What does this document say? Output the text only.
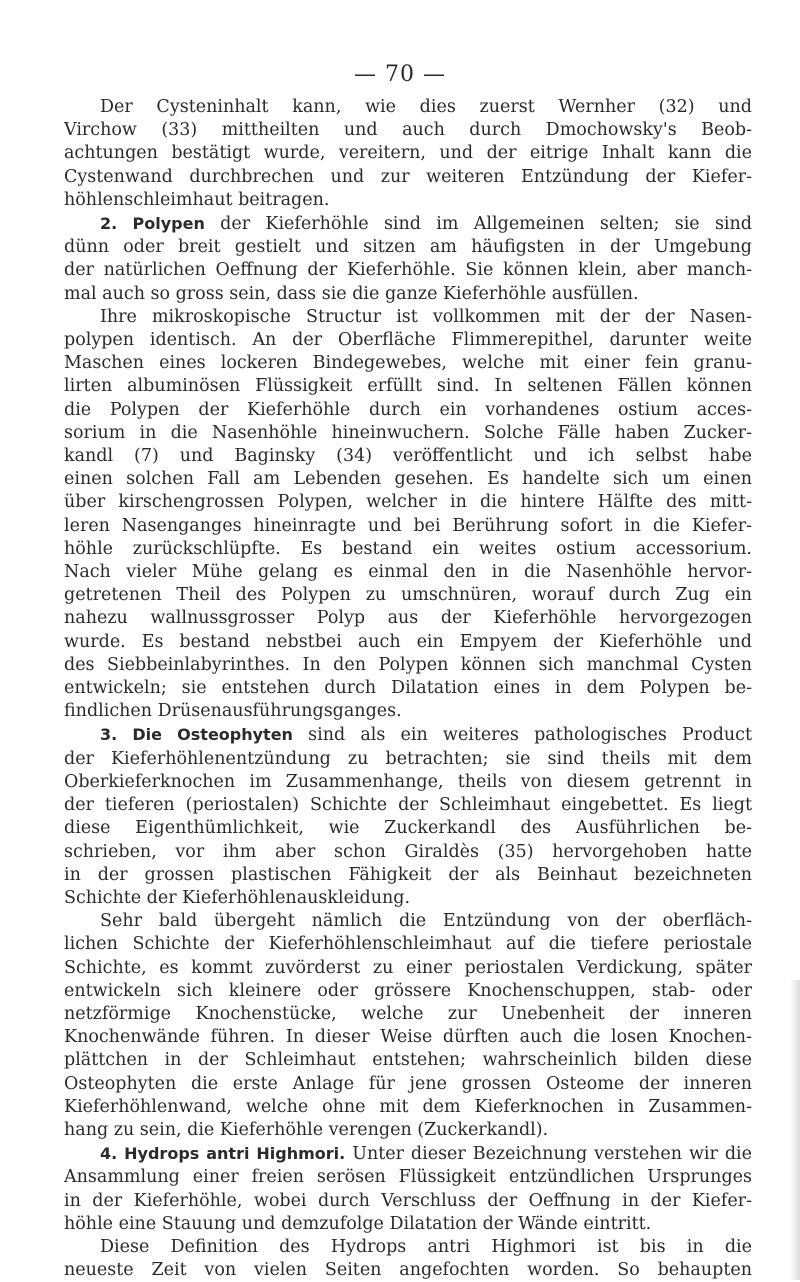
— 70 —
Der Cysteninhalt kann, wie dies zuerst Wernher (32) und
Virchow (33) mittheilten und auch durch Dmochowsky's Beob-
achtungen bestätigt wurde, vereitern, und der eitrige Inhalt kann die
Cystenwand durchbrechen und zur weiteren Entzündung der Kiefer-
höhlenschleimhaut beitragen.
2. Polypen der Kieferhöhle sind im Allgemeinen selten; sie sind
dünn oder breit gestielt und sitzen am häufigsten in der Umgebung
der natürlichen Oeffnung der Kieferhöhle. Sie können klein, aber manch-
mal auch so gross sein, dass sie die ganze Kieferhöhle ausfüllen.
Ihre mikroskopische Structur ist vollkommen mit der der Nasen-
polypen identisch. An der Oberfläche Flimmerepithel, darunter weite
Maschen eines lockeren Bindegewebes, welche mit einer fein granu-
lirten albuminösen Flüssigkeit erfüllt sind. In seltenen Fällen können
die Polypen der Kieferhöhle durch ein vorhandenes ostium acces-
sorium in die Nasenhöhle hineinwuchern. Solche Fälle haben Zucker-
kandl (7) und Baginsky (34) veröffentlicht und ich selbst habe
einen solchen Fall am Lebenden gesehen. Es handelte sich um einen
über kirschengrossen Polypen, welcher in die hintere Hälfte des mitt-
leren Nasenganges hineinragte und bei Berührung sofort in die Kiefer-
höhle zurückschlüpfte. Es bestand ein weites ostium accessorium.
Nach vieler Mühe gelang es einmal den in die Nasenhöhle hervor-
getretenen Theil des Polypen zu umschnüren, worauf durch Zug ein
nahezu wallnussgrosser Polyp aus der Kieferhöhle hervorgezogen
wurde. Es bestand nebstbei auch ein Empyem der Kieferhöhle und
des Siebbeinlabyrinthes. In den Polypen können sich manchmal Cysten
entwickeln; sie entstehen durch Dilatation eines in dem Polypen be-
findlichen Drüsenausführungsganges.
3. Die Osteophyten sind als ein weiteres pathologisches Product
der Kieferhöhlenentzündung zu betrachten; sie sind theils mit dem
Oberkieferknochen im Zusammenhange, theils von diesem getrennt in
der tieferen (periostalen) Schichte der Schleimhaut eingebettet. Es liegt
diese Eigenthümlichkeit, wie Zuckerkandl des Ausführlichen be-
schrieben, vor ihm aber schon Giraldès (35) hervorgehoben hatte
in der grossen plastischen Fähigkeit der als Beinhaut bezeichneten
Schichte der Kieferhöhlenauskleidung.
Sehr bald übergeht nämlich die Entzündung von der oberfläch-
lichen Schichte der Kieferhöhlenschleimhaut auf die tiefere periostale
Schichte, es kommt zuvörderst zu einer periostalen Verdickung, später
entwickeln sich kleinere oder grössere Knochenschuppen, stab- oder
netzförmige Knochenstücke, welche zur Unebenheit der inneren
Knochenwände führen. In dieser Weise dürften auch die losen Knochen-
plättchen in der Schleimhaut entstehen; wahrscheinlich bilden diese
Osteophyten die erste Anlage für jene grossen Osteome der inneren
Kieferhöhlenwand, welche ohne mit dem Kieferknochen in Zusammen-
hang zu sein, die Kieferhöhle verengen (Zuckerkandl).
4. Hydrops antri Highmori. Unter dieser Bezeichnung verstehen wir die
Ansammlung einer freien serösen Flüssigkeit entzündlichen Ursprunges
in der Kieferhöhle, wobei durch Verschluss der Oeffnung in der Kiefer-
höhle eine Stauung und demzufolge Dilatation der Wände eintritt.
Diese Definition des Hydrops antri Highmori ist bis in die
neueste Zeit von vielen Seiten angefochten worden. So behaupten
